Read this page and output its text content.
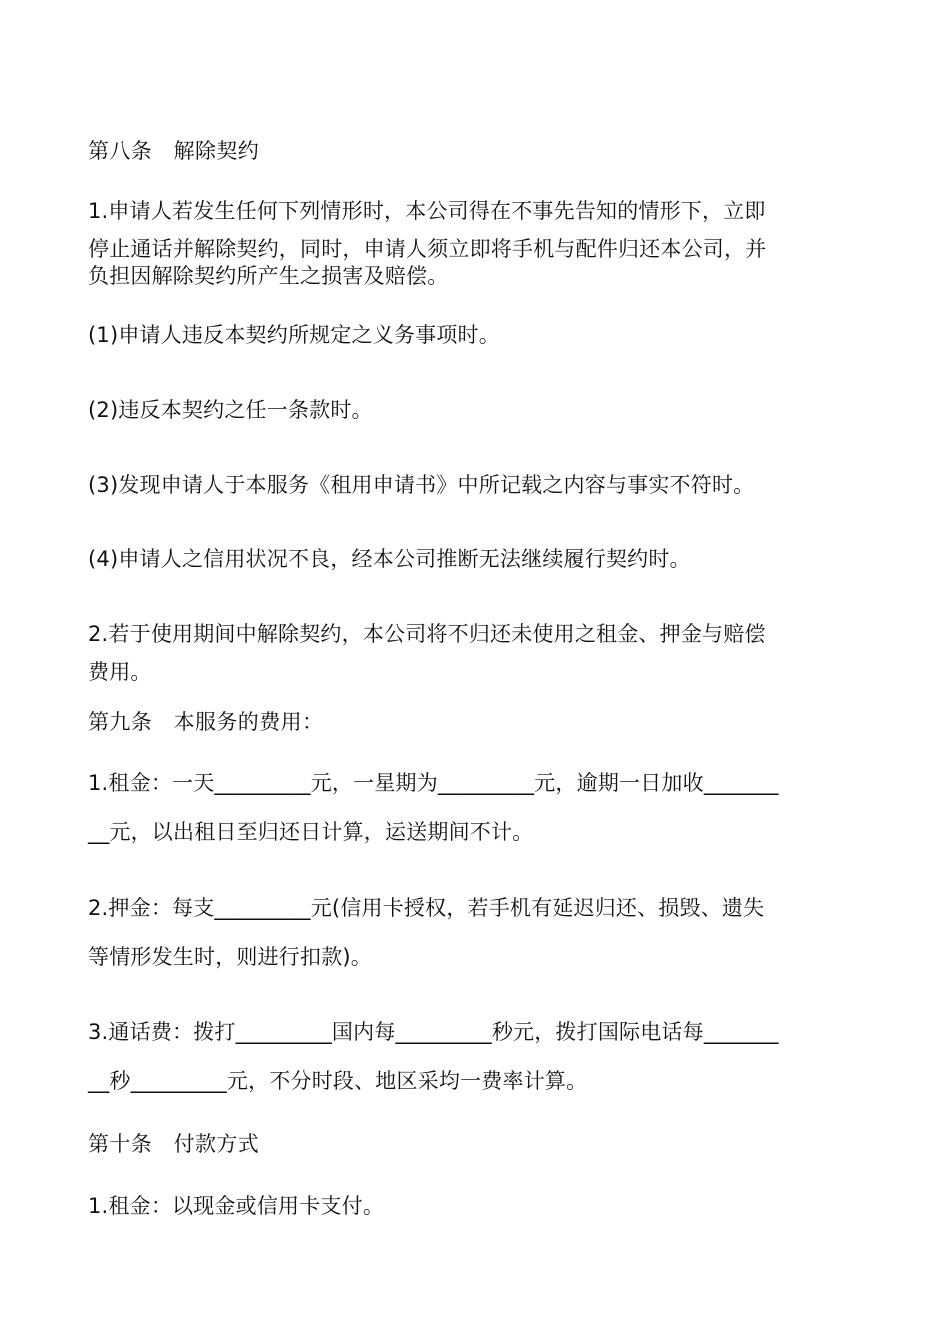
第八条　解除契约
1.申请人若发生任何下列情形时，本公司得在不事先告知的情形下，立即
停止通话并解除契约，同时，申请人须立即将手机与配件归还本公司，并
负担因解除契约所产生之损害及赔偿。
(1)申请人违反本契约所规定之义务事项时。
(2)违反本契约之任一条款时。
(3)发现申请人于本服务《租用申请书》中所记载之内容与事实不符时。
(4)申请人之信用状况不良，经本公司推断无法继续履行契约时。
2.若于使用期间中解除契约，本公司将不归还未使用之租金、押金与赔偿
费用。
第九条　本服务的费用：
1.租金：一天_________元，一星期为_________元，逾期一日加收_______
__元，以出租日至归还日计算，运送期间不计。
2.押金：每支_________元(信用卡授权，若手机有延迟归还、损毁、遗失
等情形发生时，则进行扣款)。
3.通话费：拨打_________国内每_________秒元，拨打国际电话每_______
__秒_________元，不分时段、地区采均一费率计算。
第十条　付款方式
1.租金：以现金或信用卡支付。
